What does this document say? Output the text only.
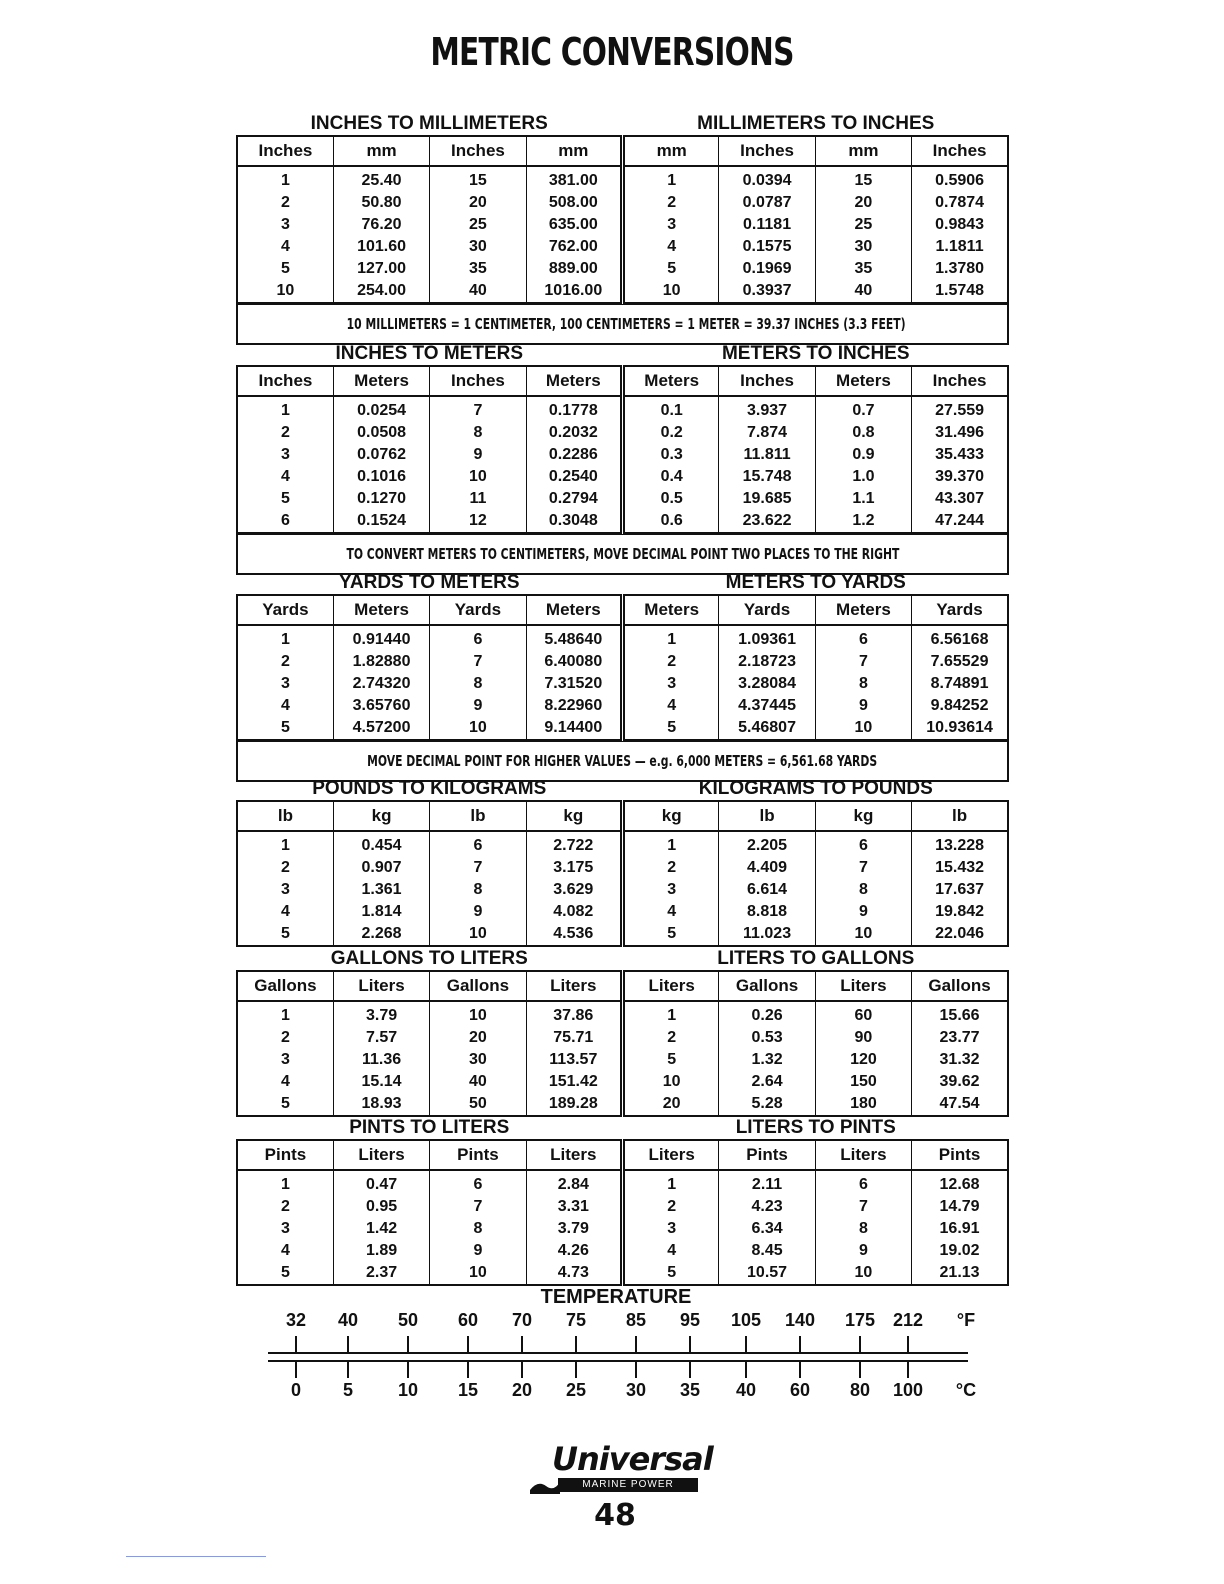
METRIC CONVERSIONS
INCHES TO MILLIMETERS	MILLIMETERS TO INCHES
Inches	mm	Inches	mm	mm	Inches	mm	Inches
1	25.40	15	381.00	1	0.0394	15	0.5906
2	50.80	20	508.00	2	0.0787	20	0.7874
3	76.20	25	635.00	3	0.1181	25	0.9843
4	101.60	30	762.00	4	0.1575	30	1.1811
5	127.00	35	889.00	5	0.1969	35	1.3780
10	254.00	40	1016.00	10	0.3937	40	1.5748
10 MILLIMETERS = 1 CENTIMETER, 100 CENTIMETERS = 1 METER = 39.37 INCHES (3.3 FEET)
INCHES TO METERS	METERS TO INCHES
Inches	Meters	Inches	Meters	Meters	Inches	Meters	Inches
1	0.0254	7	0.1778	0.1	3.937	0.7	27.559
2	0.0508	8	0.2032	0.2	7.874	0.8	31.496
3	0.0762	9	0.2286	0.3	11.811	0.9	35.433
4	0.1016	10	0.2540	0.4	15.748	1.0	39.370
5	0.1270	11	0.2794	0.5	19.685	1.1	43.307
6	0.1524	12	0.3048	0.6	23.622	1.2	47.244
TO CONVERT METERS TO CENTIMETERS, MOVE DECIMAL POINT TWO PLACES TO THE RIGHT
YARDS TO METERS	METERS TO YARDS
Yards	Meters	Yards	Meters	Meters	Yards	Meters	Yards
1	0.91440	6	5.48640	1	1.09361	6	6.56168
2	1.82880	7	6.40080	2	2.18723	7	7.65529
3	2.74320	8	7.31520	3	3.28084	8	8.74891
4	3.65760	9	8.22960	4	4.37445	9	9.84252
5	4.57200	10	9.14400	5	5.46807	10	10.93614
MOVE DECIMAL POINT FOR HIGHER VALUES — e.g. 6,000 METERS = 6,561.68 YARDS
POUNDS TO KILOGRAMS	KILOGRAMS TO POUNDS
lb	kg	lb	kg	kg	lb	kg	lb
1	0.454	6	2.722	1	2.205	6	13.228
2	0.907	7	3.175	2	4.409	7	15.432
3	1.361	8	3.629	3	6.614	8	17.637
4	1.814	9	4.082	4	8.818	9	19.842
5	2.268	10	4.536	5	11.023	10	22.046
GALLONS TO LITERS	LITERS TO GALLONS
Gallons	Liters	Gallons	Liters	Liters	Gallons	Liters	Gallons
1	3.79	10	37.86	1	0.26	60	15.66
2	7.57	20	75.71	2	0.53	90	23.77
3	11.36	30	113.57	5	1.32	120	31.32
4	15.14	40	151.42	10	2.64	150	39.62
5	18.93	50	189.28	20	5.28	180	47.54
PINTS TO LITERS	LITERS TO PINTS
Pints	Liters	Pints	Liters	Liters	Pints	Liters	Pints
1	0.47	6	2.84	1	2.11	6	12.68
2	0.95	7	3.31	2	4.23	7	14.79
3	1.42	8	3.79	3	6.34	8	16.91
4	1.89	9	4.26	4	8.45	9	19.02
5	2.37	10	4.73	5	10.57	10	21.13
TEMPERATURE
32 40 50 60 70 75 85 95 105 140 175 212
0 5 10 15 20 25 30 35 40 60 80 100
°F
°C
Universal
MARINE POWER
48
